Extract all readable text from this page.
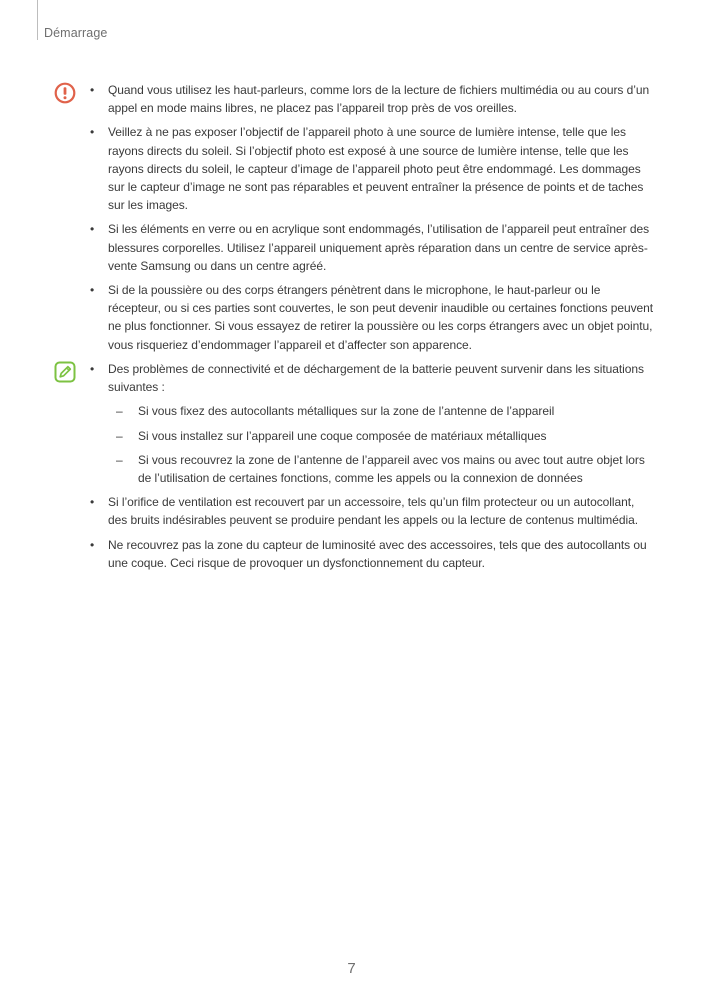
Démarrage
• Quand vous utilisez les haut-parleurs, comme lors de la lecture de fichiers multimédia ou au cours d’un appel en mode mains libres, ne placez pas l’appareil trop près de vos oreilles.
• Veillez à ne pas exposer l’objectif de l’appareil photo à une source de lumière intense, telle que les rayons directs du soleil. Si l’objectif photo est exposé à une source de lumière intense, telle que les rayons directs du soleil, le capteur d’image de l’appareil photo peut être endommagé. Les dommages sur le capteur d’image ne sont pas réparables et peuvent entraîner la présence de points et de taches sur les images.
• Si les éléments en verre ou en acrylique sont endommagés, l’utilisation de l’appareil peut entraîner des blessures corporelles. Utilisez l’appareil uniquement après réparation dans un centre de service après-vente Samsung ou dans un centre agréé.
• Si de la poussière ou des corps étrangers pénètrent dans le microphone, le haut-parleur ou le récepteur, ou si ces parties sont couvertes, le son peut devenir inaudible ou certaines fonctions peuvent ne plus fonctionner. Si vous essayez de retirer la poussière ou les corps étrangers avec un objet pointu, vous risqueriez d’endommager l’appareil et d’affecter son apparence.
• Des problèmes de connectivité et de déchargement de la batterie peuvent survenir dans les situations suivantes :
– Si vous fixez des autocollants métalliques sur la zone de l’antenne de l’appareil
– Si vous installez sur l’appareil une coque composée de matériaux métalliques
– Si vous recouvrez la zone de l’antenne de l’appareil avec vos mains ou avec tout autre objet lors de l’utilisation de certaines fonctions, comme les appels ou la connexion de données
• Si l’orifice de ventilation est recouvert par un accessoire, tels qu’un film protecteur ou un autocollant, des bruits indésirables peuvent se produire pendant les appels ou la lecture de contenus multimédia.
• Ne recouvrez pas la zone du capteur de luminosité avec des accessoires, tels que des autocollants ou une coque. Ceci risque de provoquer un dysfonctionnement du capteur.
7
